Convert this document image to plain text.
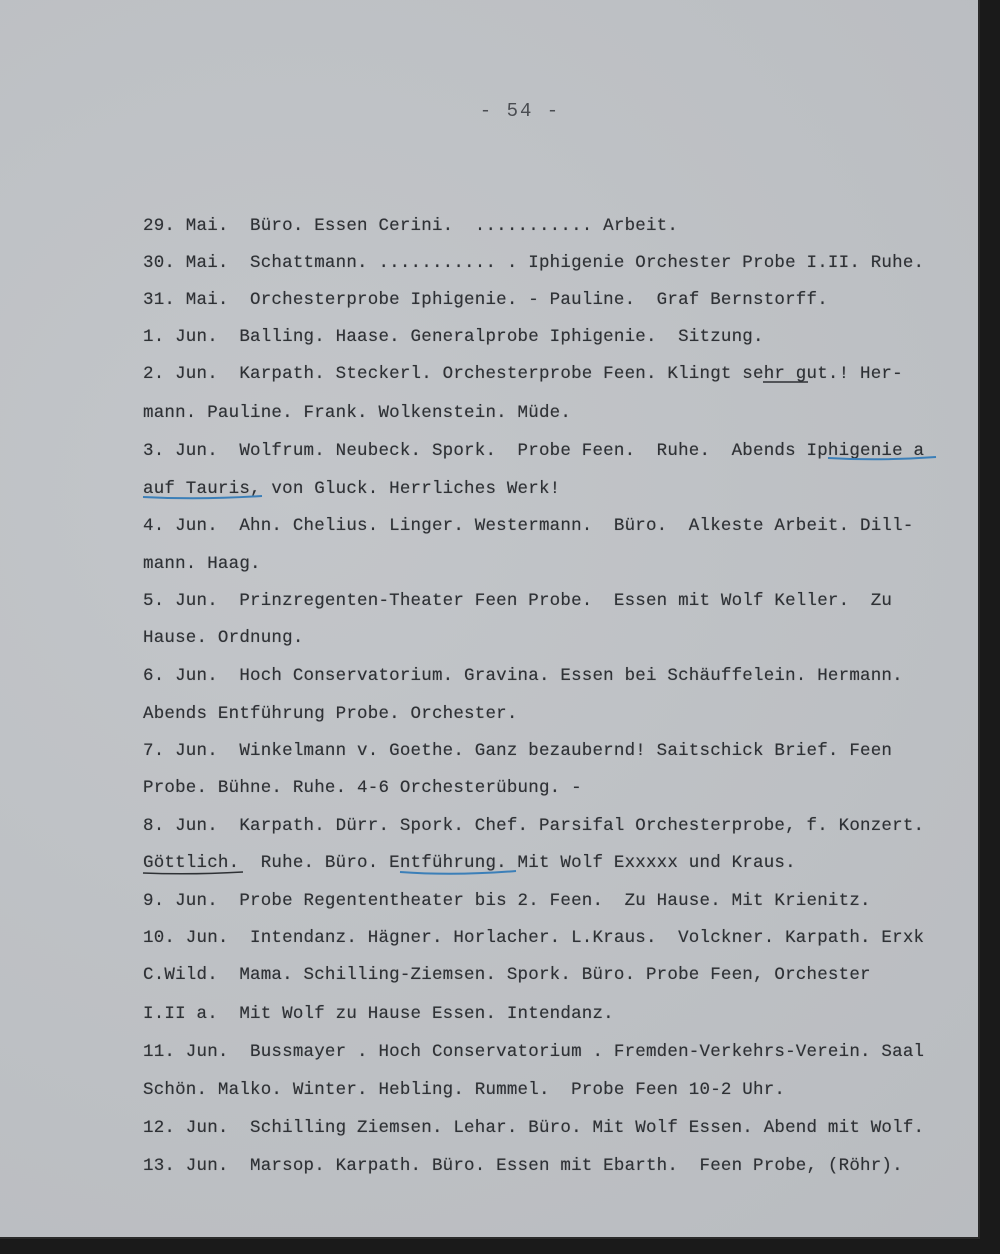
- 54 -
29. Mai.  Büro. Essen Cerini.  ........... Arbeit.
30. Mai.  Schattmann. ........... . Iphigenie Orchester Probe I.II. Ruhe.
31. Mai.  Orchesterprobe Iphigenie. - Pauline.  Graf Bernstorff.
1. Jun.  Balling. Haase. Generalprobe Iphigenie.  Sitzung.
2. Jun.  Karpath. Steckerl. Orchesterprobe Feen. Klingt sehr gut.! Her-
mann. Pauline. Frank. Wolkenstein. Müde.
3. Jun.  Wolfrum. Neubeck. Spork.  Probe Feen.  Ruhe.  Abends Iphigenie a
auf Tauris, von Gluck. Herrliches Werk!
4. Jun.  Ahn. Chelius. Linger. Westermann.  Büro.  Alkeste Arbeit. Dill-
mann. Haag.
5. Jun.  Prinzregenten-Theater Feen Probe.  Essen mit Wolf Keller.  Zu
Hause. Ordnung.
6. Jun.  Hoch Conservatorium. Gravina. Essen bei Schäuffelein. Hermann.
Abends Entführung Probe. Orchester.
7. Jun.  Winkelmann v. Goethe. Ganz bezaubernd! Saitschick Brief. Feen
Probe. Bühne. Ruhe. 4-6 Orchesterübung. -
8. Jun.  Karpath. Dürr. Spork. Chef. Parsifal Orchesterprobe, f. Konzert.
Göttlich.  Ruhe. Büro. Entführung. Mit Wolf Exxxxx und Kraus.
9. Jun.  Probe Regententheater bis 2. Feen.  Zu Hause. Mit Krienitz.
10. Jun.  Intendanz. Hägner. Horlacher. L.Kraus.  Volckner. Karpath. Erxk
C.Wild.  Mama. Schilling-Ziemsen. Spork. Büro. Probe Feen, Orchester
I.II a.  Mit Wolf zu Hause Essen. Intendanz.
11. Jun.  Bussmayer . Hoch Conservatorium . Fremden-Verkehrs-Verein. Saal
Schön. Malko. Winter. Hebling. Rummel.  Probe Feen 10-2 Uhr.
12. Jun.  Schilling Ziemsen. Lehar. Büro. Mit Wolf Essen. Abend mit Wolf.
13. Jun.  Marsop. Karpath. Büro. Essen mit Ebarth.  Feen Probe, (Röhr).
